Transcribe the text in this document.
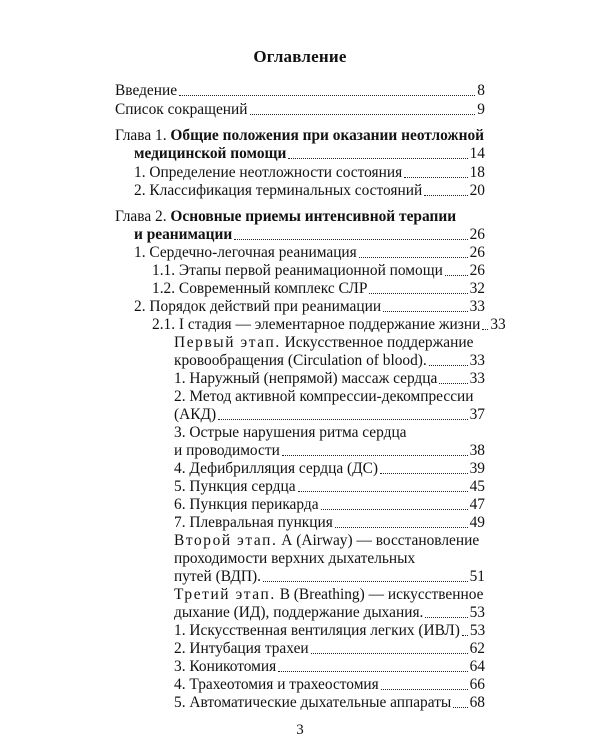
Оглавление
Введение	8
Список сокращений	9
Глава 1. Общие положения при оказании неотложной
медицинской помощи	14
1. Определение неотложности состояния	18
2. Классификация терминальных состояний	20
Глава 2. Основные приемы интенсивной терапии
и реанимации	26
1. Сердечно-легочная реанимация	26
1.1. Этапы первой реанимационной помощи 26
1.2. Современный комплекс СЛР	32
2. Порядок действий при реанимации	33
2.1. I стадия — элементарное поддержание жизни 33
Первый этап. Искусственное поддержание
кровообращения (Circulation of blood).	33
1. Наружный (непрямой) массаж сердца 33
2. Метод активной компрессии-декомпрессии
(АКД)	37
3. Острые нарушения ритма сердца
и проводимости	38
4. Дефибрилляция сердца (ДС)	39
5. Пункция сердца	45
6. Пункция перикарда	47
7. Плевральная пункция	49
Второй этап. А (Airway) — восстановление
проходимости верхних дыхательных
путей (ВДП).	51
Третий этап. В (Breathing) — искусственное
дыхание (ИД), поддержание дыхания.	53
1. Искусственная вентиляция легких (ИВЛ) 53
2. Интубация трахеи	62
3. Коникотомия	64
4. Трахеотомия и трахеостомия	66
5. Автоматические дыхательные аппараты 68
3
